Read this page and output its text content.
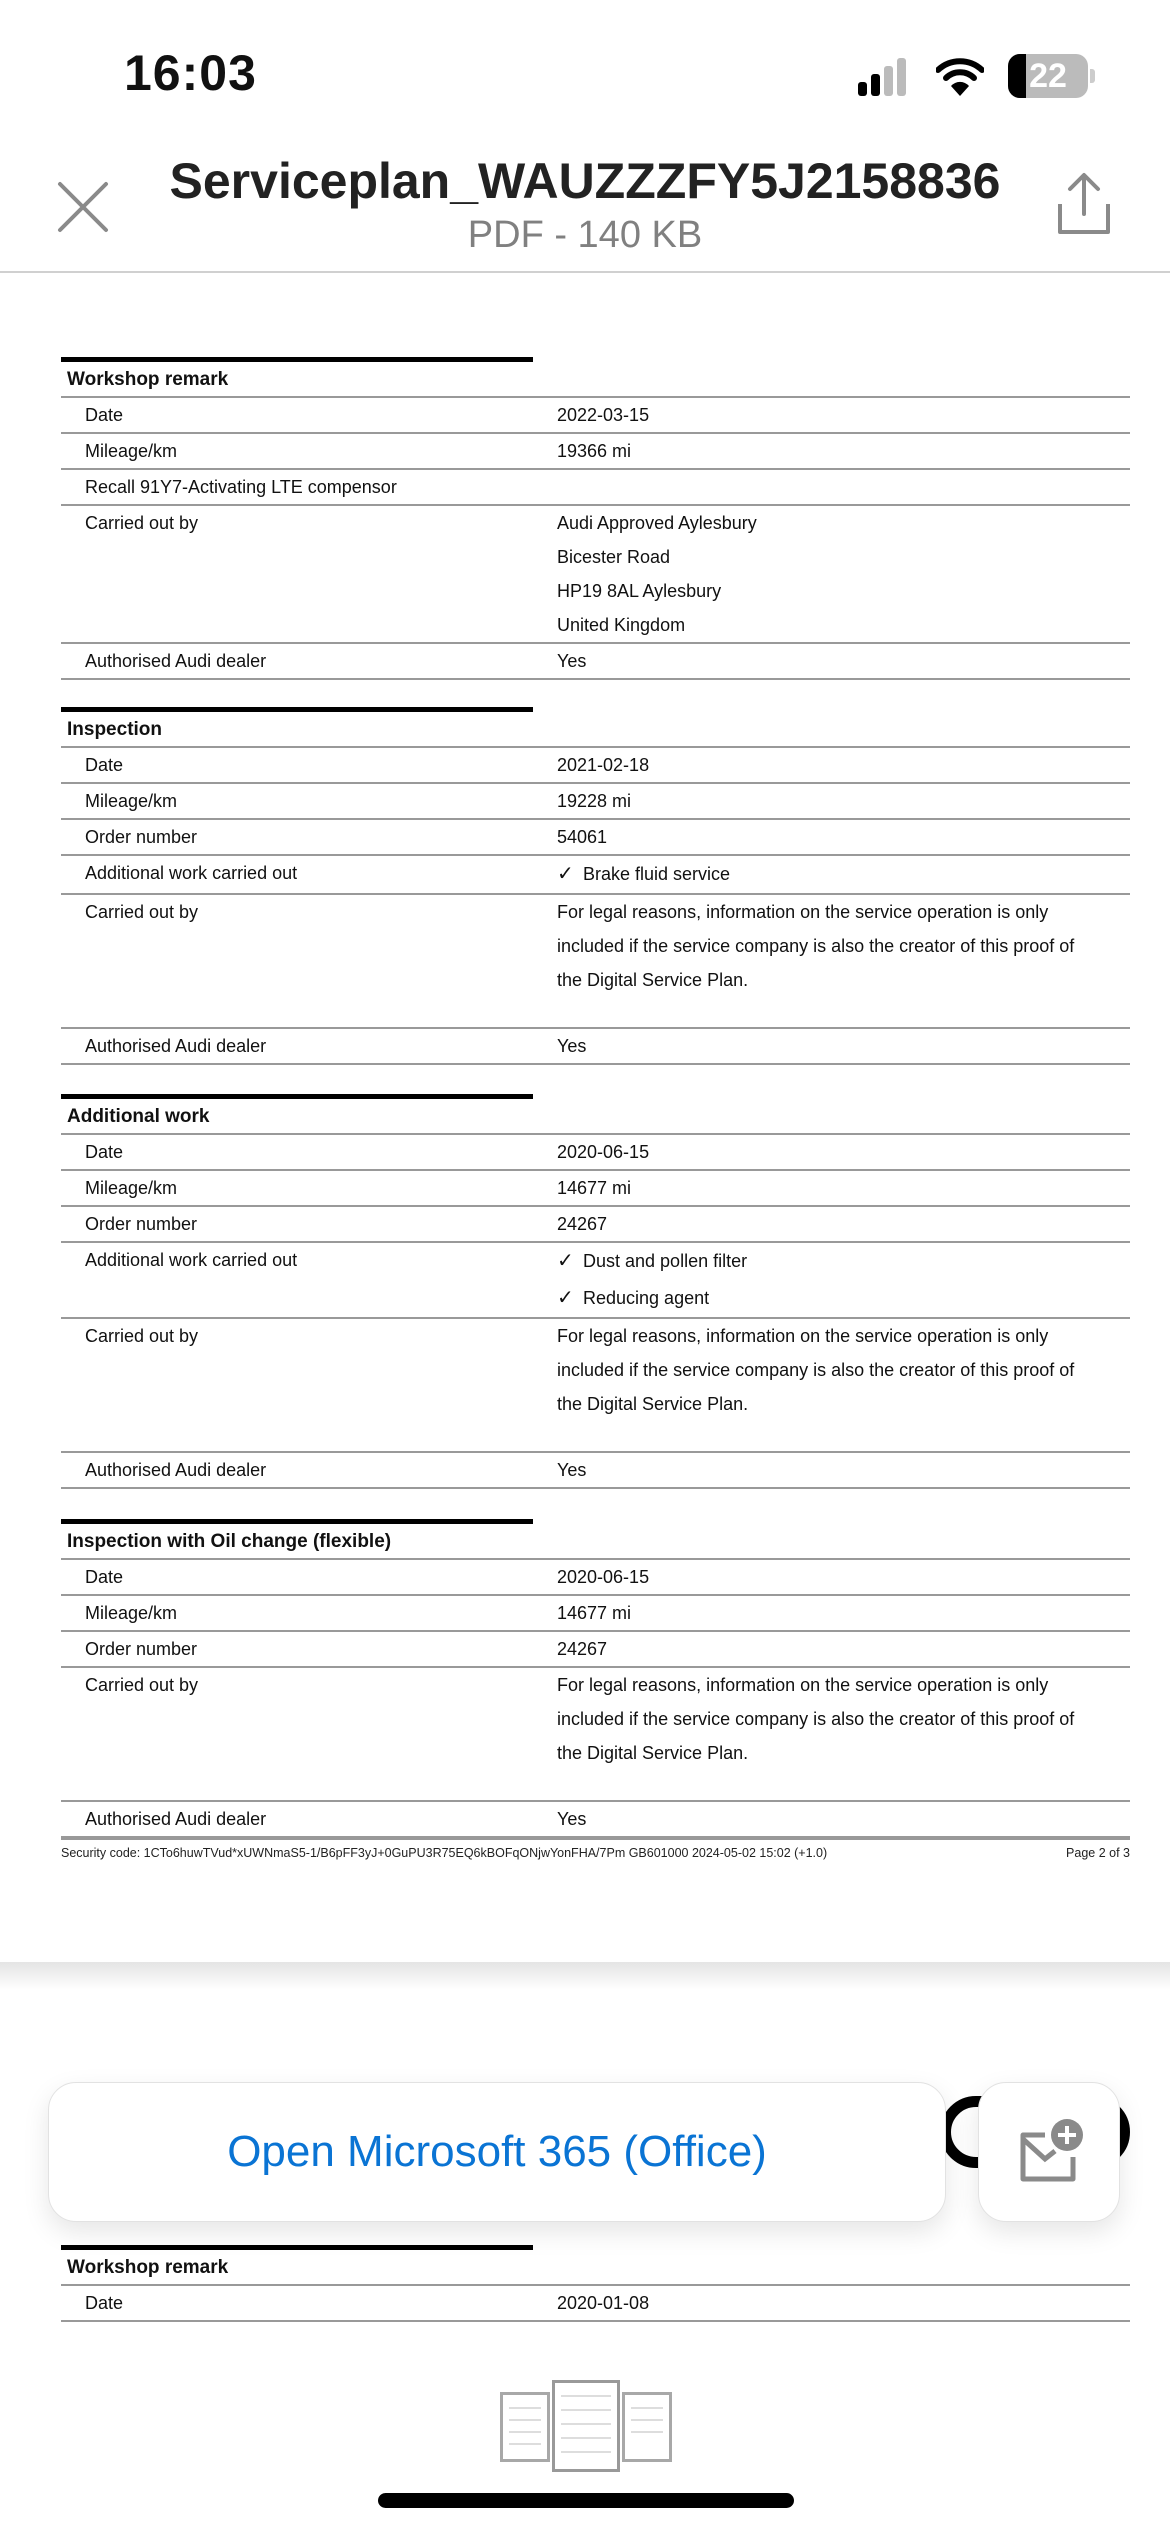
16:03	22
Serviceplan_WAUZZZFY5J2158836
PDF - 140 KB
Workshop remark
Date	2022-03-15
Mileage/km	19366 mi
Recall 91Y7-Activating LTE compensor
Carried out by	Audi Approved Aylesbury
Bicester Road
HP19 8AL Aylesbury
United Kingdom
Authorised Audi dealer	Yes
Inspection
Date	2021-02-18
Mileage/km	19228 mi
Order number	54061
Additional work carried out	✓ Brake fluid service
Carried out by	For legal reasons, information on the service operation is only
included if the service company is also the creator of this proof of
the Digital Service Plan.
Authorised Audi dealer	Yes
Additional work
Date	2020-06-15
Mileage/km	14677 mi
Order number	24267
Additional work carried out	✓ Dust and pollen filter
✓ Reducing agent
Carried out by	For legal reasons, information on the service operation is only
included if the service company is also the creator of this proof of
the Digital Service Plan.
Authorised Audi dealer	Yes
Inspection with Oil change (flexible)
Date	2020-06-15
Mileage/km	14677 mi
Order number	24267
Carried out by	For legal reasons, information on the service operation is only
included if the service company is also the creator of this proof of
the Digital Service Plan.
Authorised Audi dealer	Yes
Workshop remark
Date	2020-01-08
Security code: 1CTo6huwTVud*xUWNmaS5-1/B6pFF3yJ+0GuPU3R75EQ6kBOFqONjwYonFHA/7Pm GB601000 2024-05-02 15:02 (+1.0)	Page 2 of 3
Open Microsoft 365 (Office)
